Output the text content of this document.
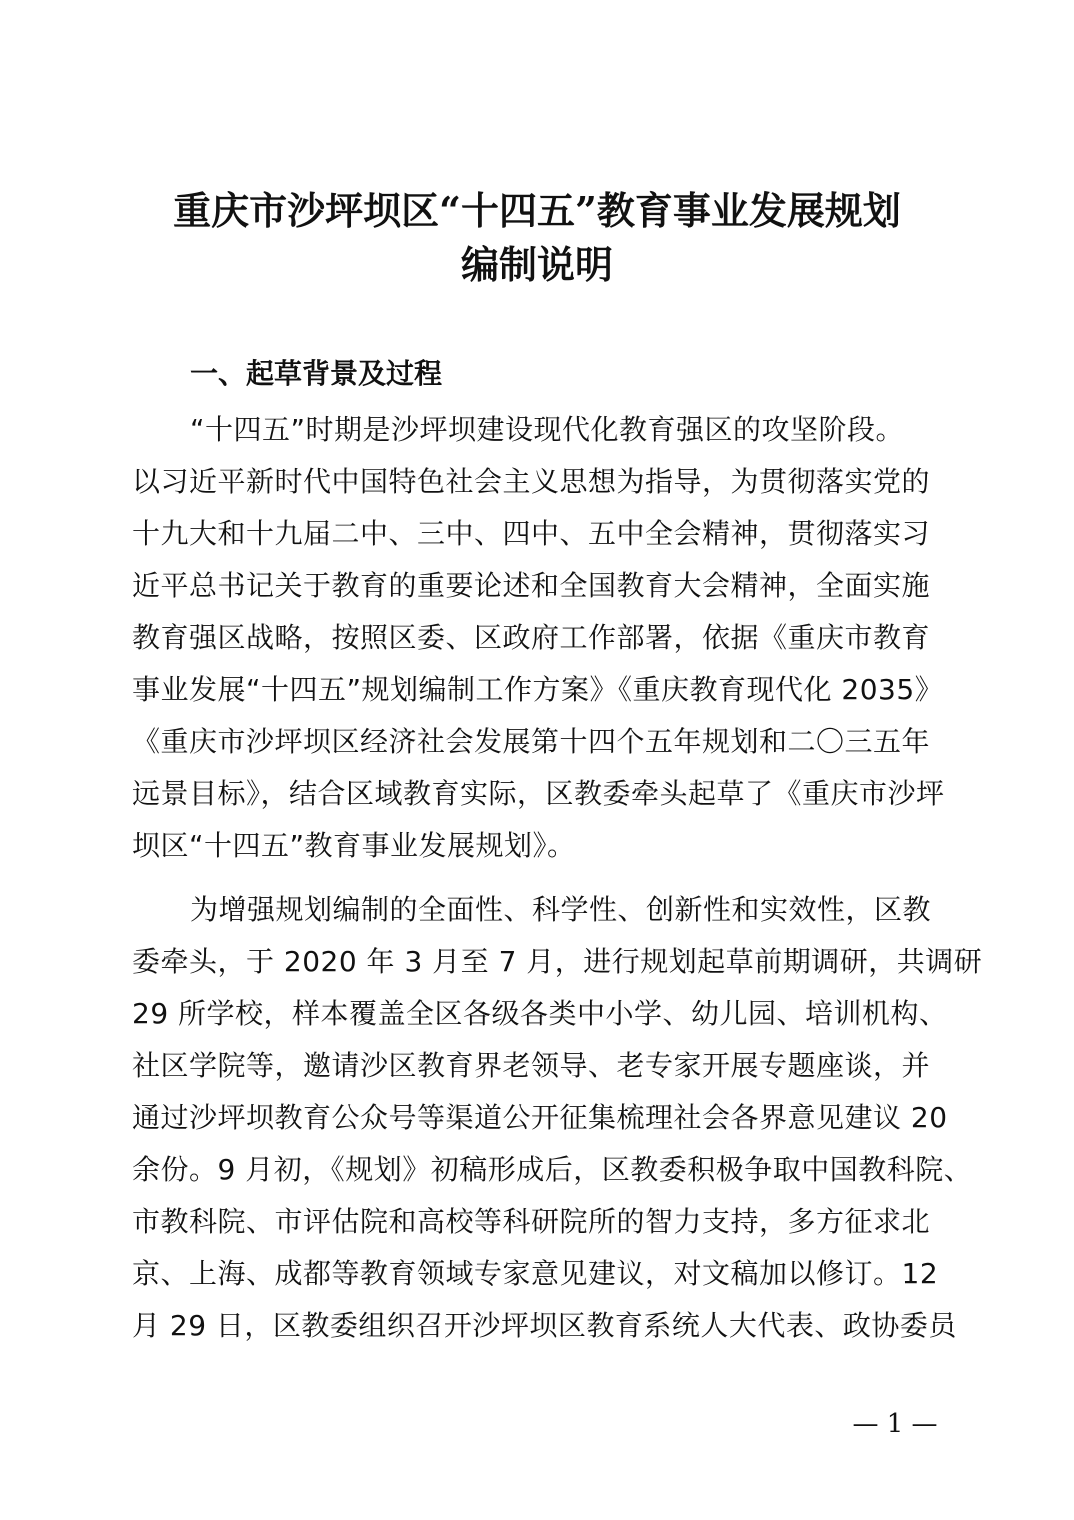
重庆市沙坪坝区“十四五”教育事业发展规划
编制说明
一、起草背景及过程

“十四五”时期是沙坪坝建设现代化教育强区的攻坚阶段。

以习近平新时代中国特色社会主义思想为指导，为贯彻落实党的

十九大和十九届二中、三中、四中、五中全会精神，贯彻落实习

近平总书记关于教育的重要论述和全国教育大会精神，全面实施

教育强区战略，按照区委、区政府工作部署，依据《重庆市教育

事业发展“十四五”规划编制工作方案》《重庆教育现代化 2035》

《重庆市沙坪坝区经济社会发展第十四个五年规划和二〇三五年

远景目标》，结合区域教育实际，区教委牵头起草了《重庆市沙坪

坝区“十四五”教育事业发展规划》。

为增强规划编制的全面性、科学性、创新性和实效性，区教

委牵头，于 2020 年 3 月至 7 月，进行规划起草前期调研，共调研

29 所学校，样本覆盖全区各级各类中小学、幼儿园、培训机构、

社区学院等，邀请沙区教育界老领导、老专家开展专题座谈，并

通过沙坪坝教育公众号等渠道公开征集梳理社会各界意见建议 20

余份。9 月初，《规划》初稿形成后，区教委积极争取中国教科院、

市教科院、市评估院和高校等科研院所的智力支持，多方征求北

京、上海、成都等教育领域专家意见建议，对文稿加以修订。12

月 29 日，区教委组织召开沙坪坝区教育系统人大代表、政协委员

— 1 —
